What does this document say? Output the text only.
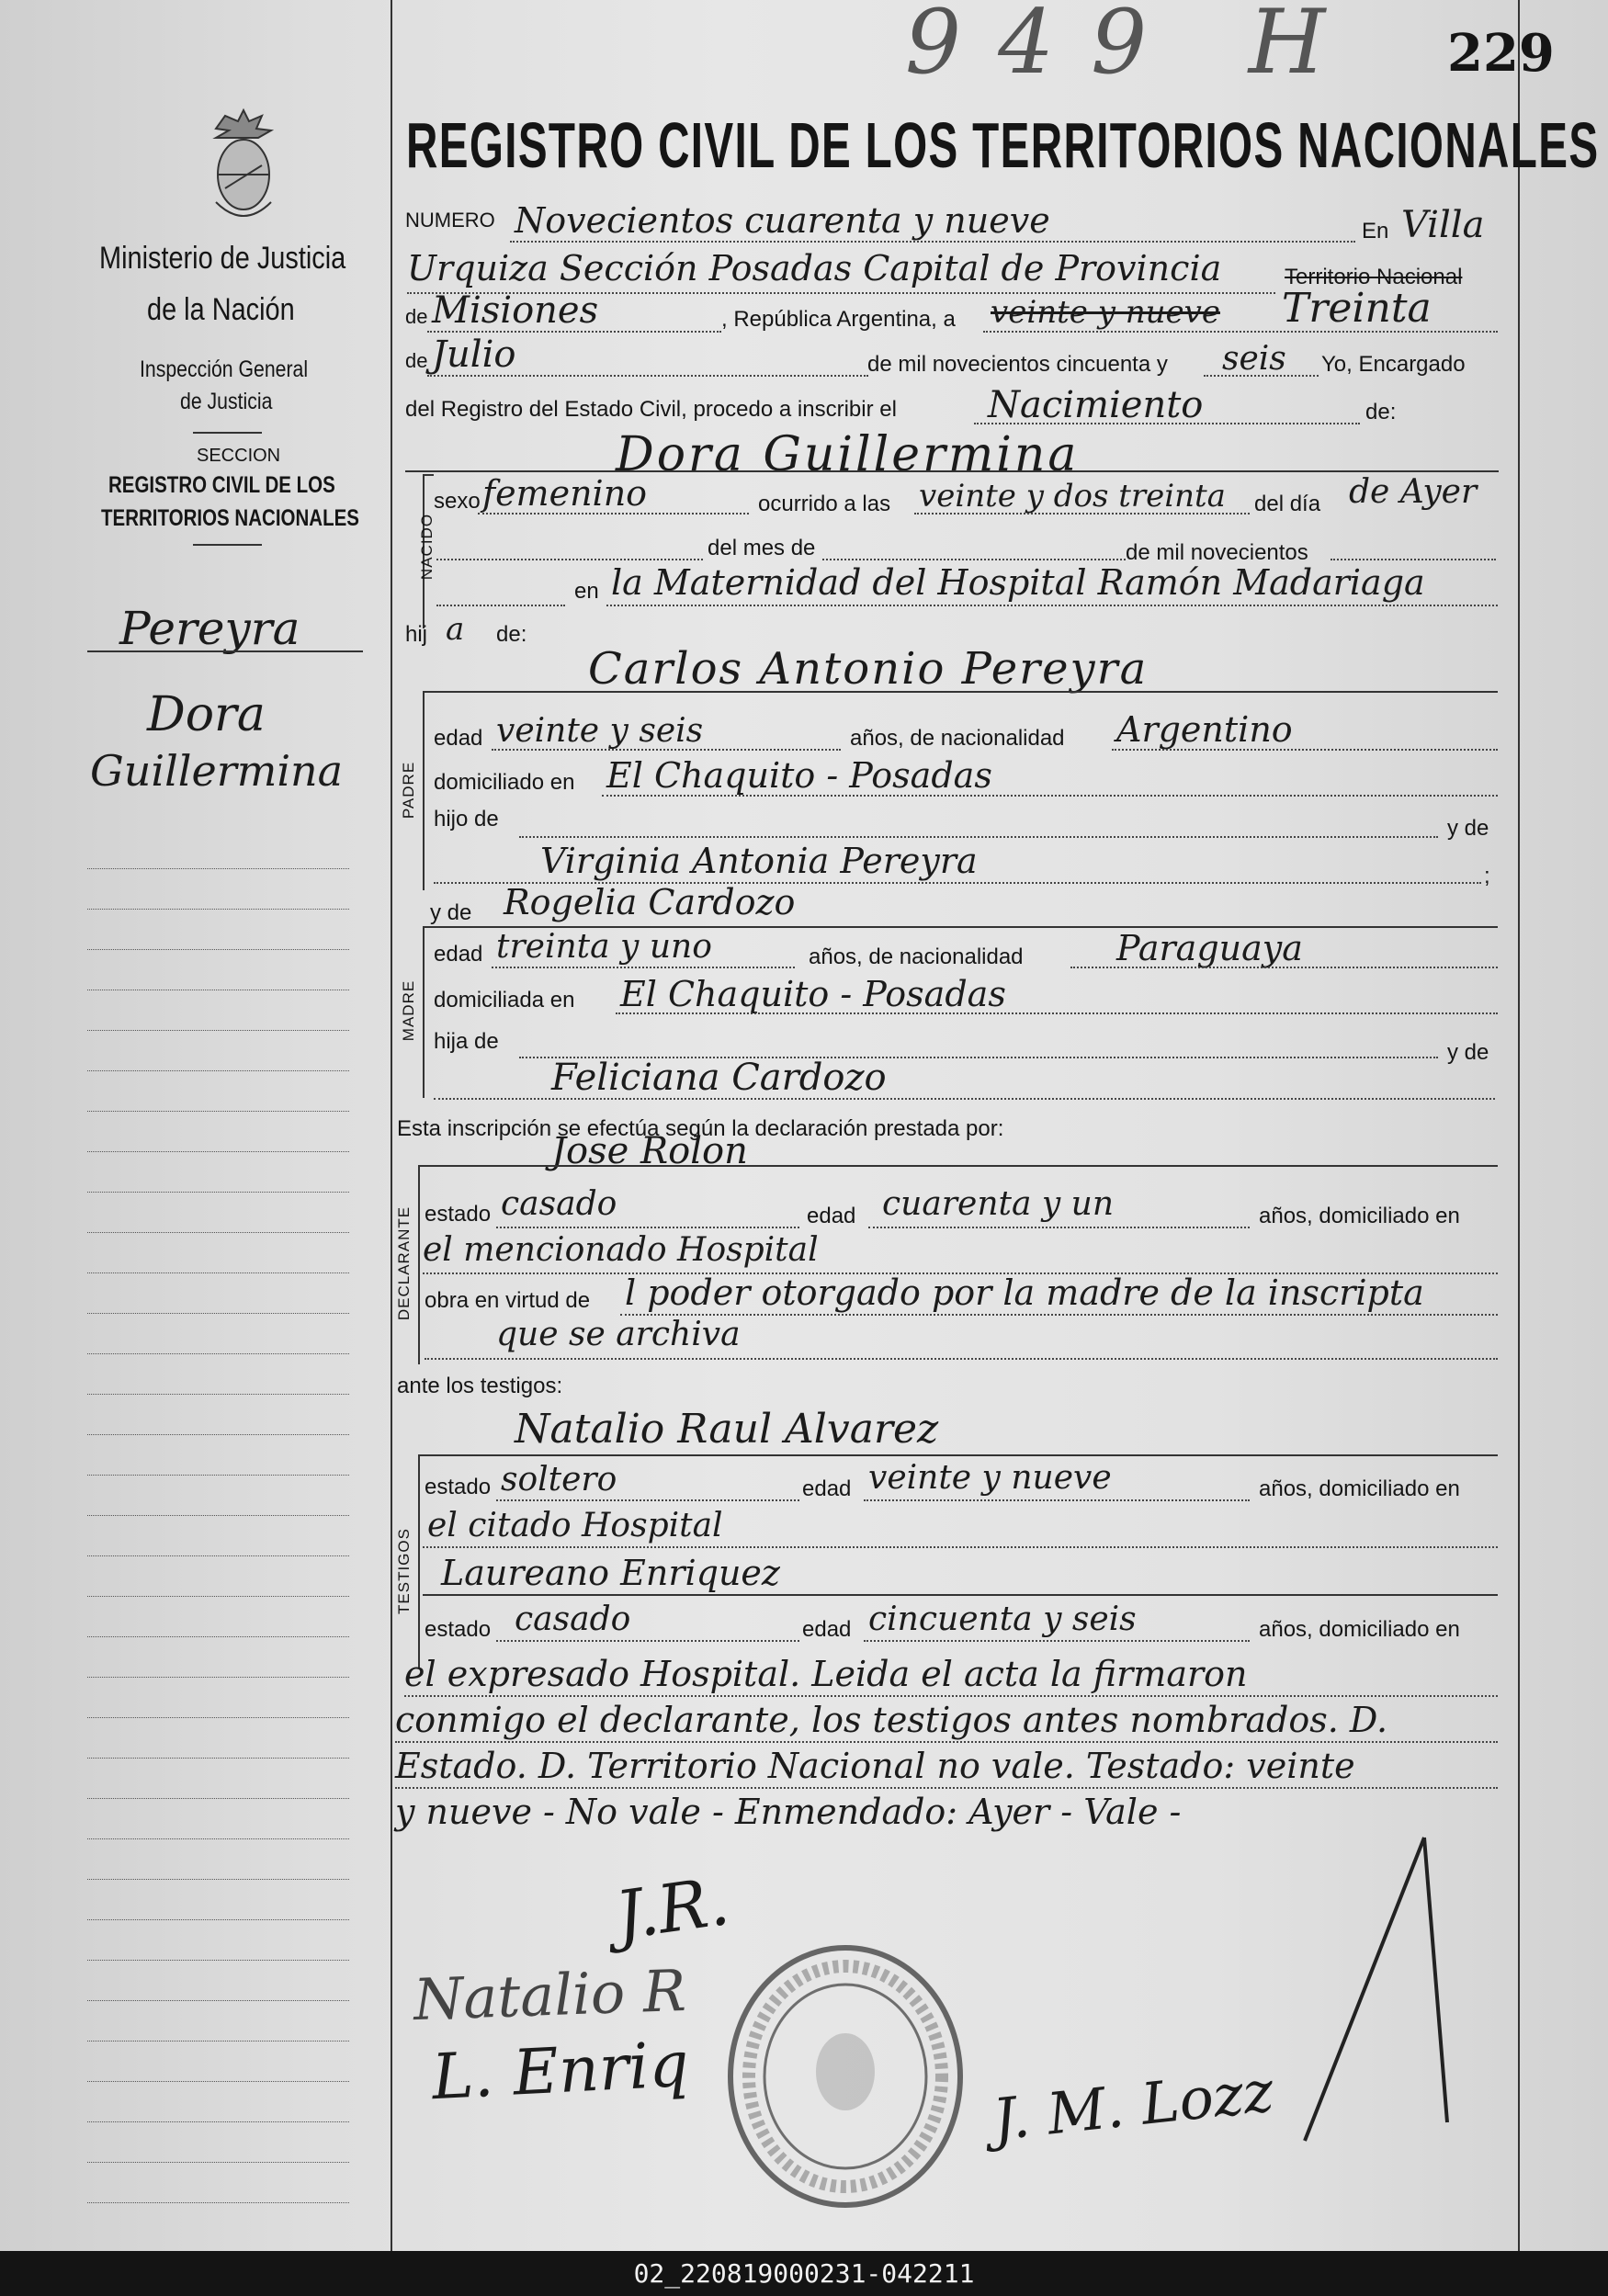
Ministerio de Justicia
de la Nación
Inspección General
de Justicia
SECCION
REGISTRO CIVIL DE LOS
TERRITORIOS NACIONALES
Pereyra
Dora
Guillermina
949 H 229
REGISTRO CIVIL DE LOS TERRITORIOS NACIONALES
NUMERO Novecientos cuarenta y nueve	En Villa
Urquiza Sección Posadas Capital de Provincia	Territorio Nacional
de Misiones	, República Argentina, a veinte y nueve Treinta
de Julio	de mil novecientos cincuenta y seis Yo, Encargado
del Registro del Estado Civil, procedo a inscribir el Nacimiento	de:
Dora Guillermina
NACIDO
sexo femenino	ocurrido a las veinte y dos treinta del día de Ayer
del mes de	de mil novecientos
en la Maternidad del Hospital Ramón Madariaga
hij a de:
Carlos Antonio Pereyra
PADRE
edad veinte y seis	años, de nacionalidad Argentino
domiciliado en El Chaquito - Posadas
hijo de	y de
Virginia Antonia Pereyra	;
y de Rogelia Cardozo
MADRE
edad treinta y uno	años, de nacionalidad	Paraguaya
domiciliada en El Chaquito - Posadas
hija de	y de
Feliciana Cardozo
Esta inscripción se efectúa según la declaración prestada por:
Jose Rolon
DECLARANTE estado casado	edad cuarenta y un	años, domiciliado en
el mencionado Hospital
obra en virtud de l poder otorgado por la madre de la inscripta
que se archiva
ante los testigos:
Natalio Raul Alvarez
TESTIGOS
estado soltero	edad veinte y nueve	años, domiciliado en
el citado Hospital
Laureano Enriquez
estado casado	edad cincuenta y seis	años, domiciliado en
el expresado Hospital. Leida el acta la firmaron
conmigo el declarante, los testigos antes nombrados. D.
Estado. D. Territorio Nacional no vale. Testado: veinte
y nueve - No vale - Enmendado: Ayer - Vale -
J.R.
Natalio R
L. Enriq	J. M. Lozz
02_220819000231-042211
